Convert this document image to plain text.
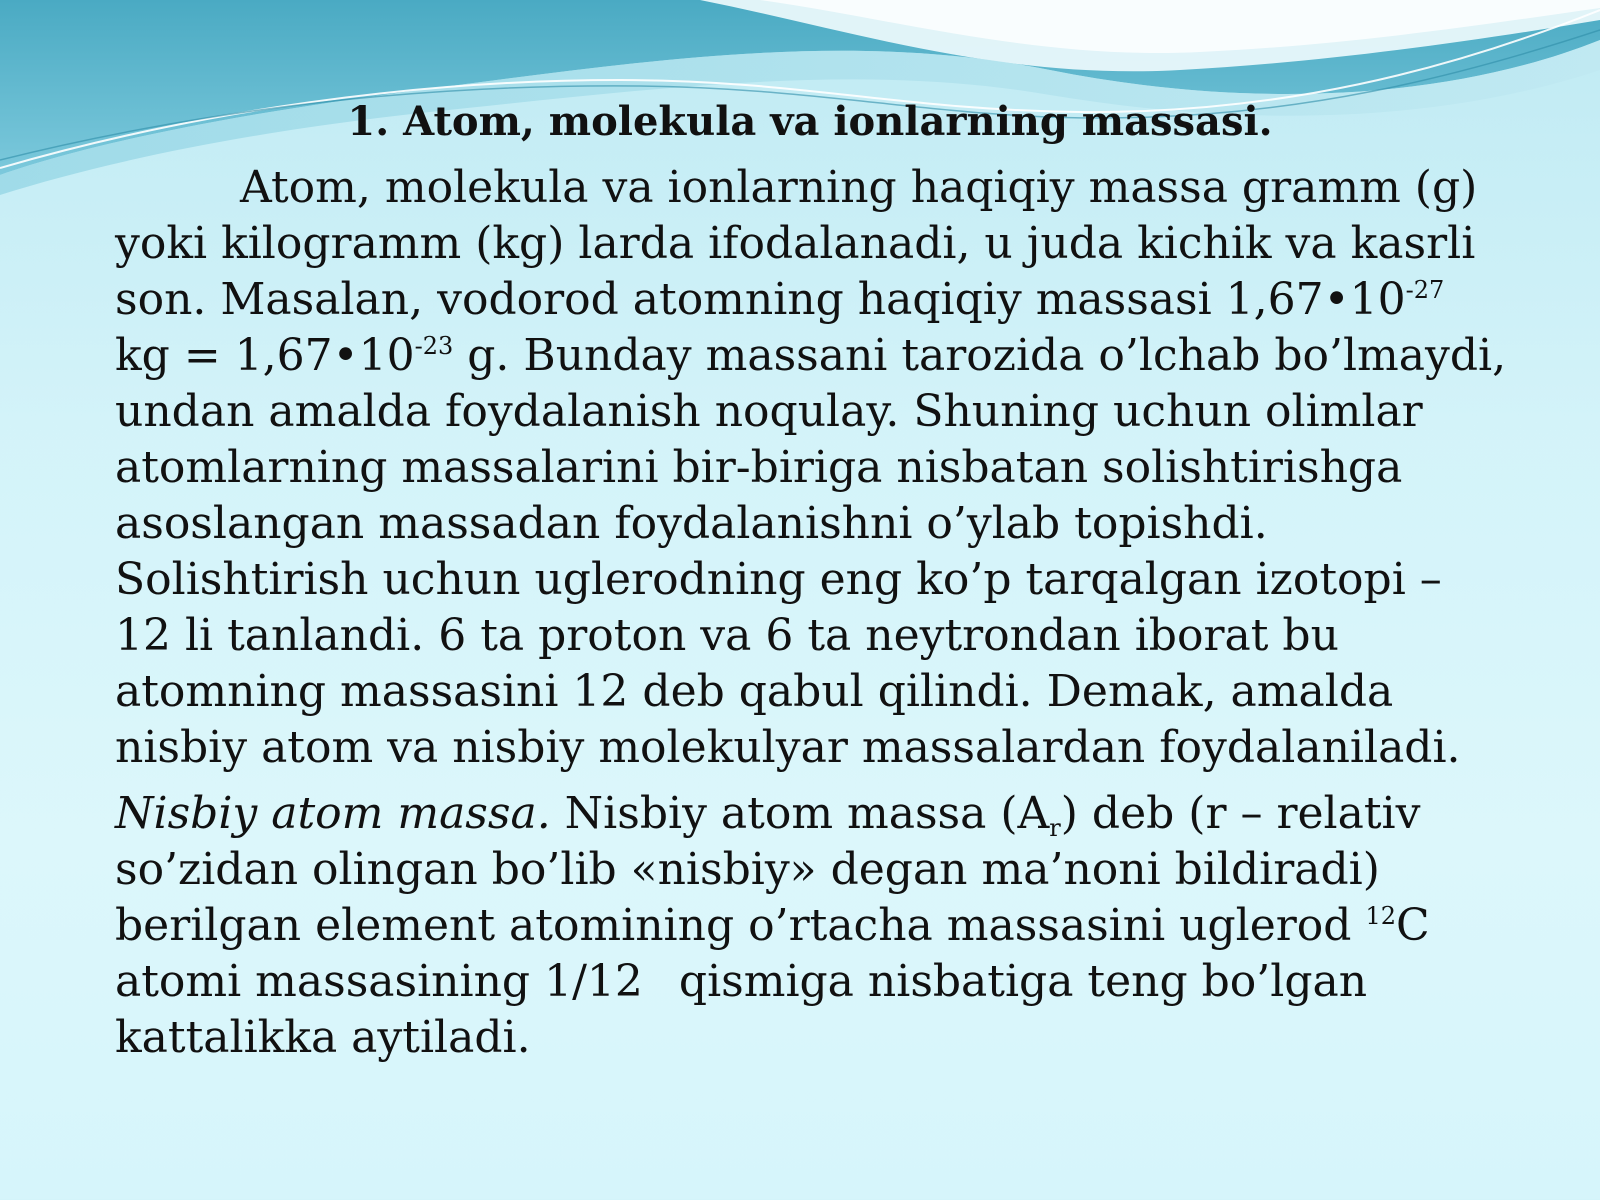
1. Atom, molekula va ionlarning massasi.

Atom, molekula va ionlarning haqiqiy massa gramm (g) yoki kilogramm (kg) larda ifodalanadi, u juda kichik va kasrli son. Masalan, vodorod atomning haqiqiy massasi $1,67•10^{-27}$ kg = $1,67•10^{-23}$ g. Bunday massani tarozida o’lchab bo’lmaydi, undan amalda foydalanish noqulay. Shuning uchun olimlar atomlarning massalarini bir-biriga nisbatan solishtirishga asoslangan massadan foydalanishni o’ylab topishdi. Solishtirish uchun uglerodning eng ko’p tarqalgan izotopi – 12 li tanlandi. 6 ta proton va 6 ta neytrondan iborat bu atomning massasini 12 deb qabul qilindi. Demak, amalda nisbiy atom va nisbiy molekulyar massalardan foydalaniladi.

Nisbiy atom massa. Nisbiy atom massa $(A_r)$ deb (r – relativ so’zidan olingan bo’lib «nisbiy» degan ma’noni bildiradi) berilgan element atomining o’rtacha massasini uglerod $^{12}$C atomi massasining 1/12 qismiga nisbatiga teng bo’lgan kattalikka aytiladi.
